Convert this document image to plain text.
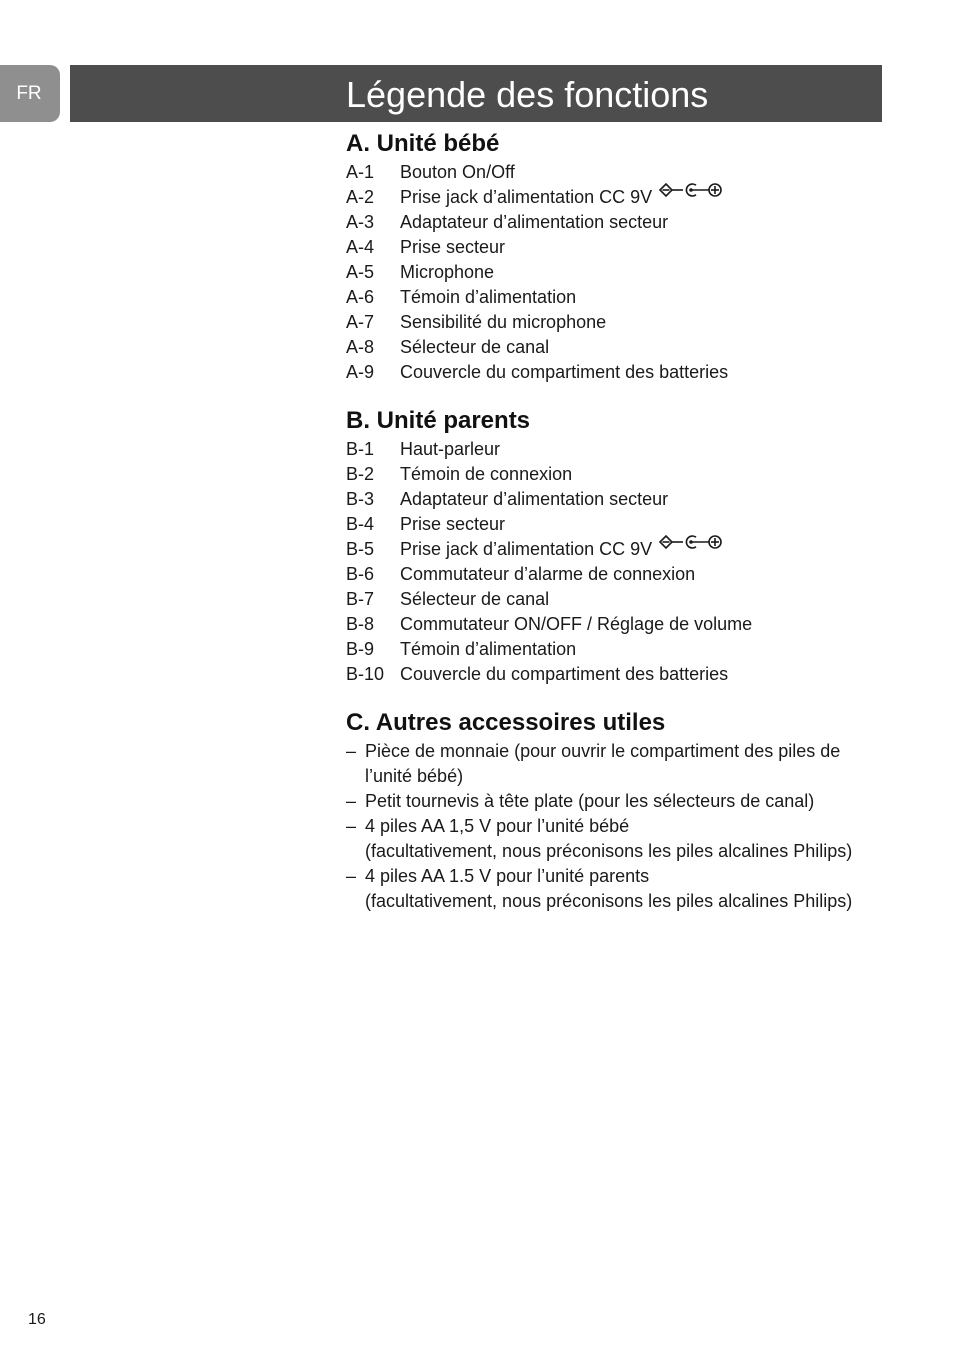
FR	Légende des fonctions
A. Unité bébé
A-1	Bouton On/Off
A-2	Prise jack d’alimentation CC 9V
A-3	Adaptateur d’alimentation secteur
A-4	Prise secteur
A-5	Microphone
A-6	Témoin d’alimentation
A-7	Sensibilité du microphone
A-8	Sélecteur de canal
A-9	Couvercle du compartiment des batteries
B. Unité parents
B-1	Haut-parleur
B-2	Témoin de connexion
B-3	Adaptateur d’alimentation secteur
B-4	Prise secteur
B-5	Prise jack d’alimentation CC 9V
B-6	Commutateur d’alarme de connexion
B-7	Sélecteur de canal
B-8	Commutateur ON/OFF / Réglage de volume
B-9	Témoin d’alimentation
B-10 Couvercle du compartiment des batteries
C. Autres accessoires utiles
– Pièce de monnaie (pour ouvrir le compartiment des piles de
l’unité bébé)
– Petit tournevis à tête plate (pour les sélecteurs de canal)
– 4 piles AA 1,5 V pour l’unité bébé
(facultativement, nous préconisons les piles alcalines Philips)
– 4 piles AA 1.5 V pour l’unité parents
(facultativement, nous préconisons les piles alcalines Philips)
16
